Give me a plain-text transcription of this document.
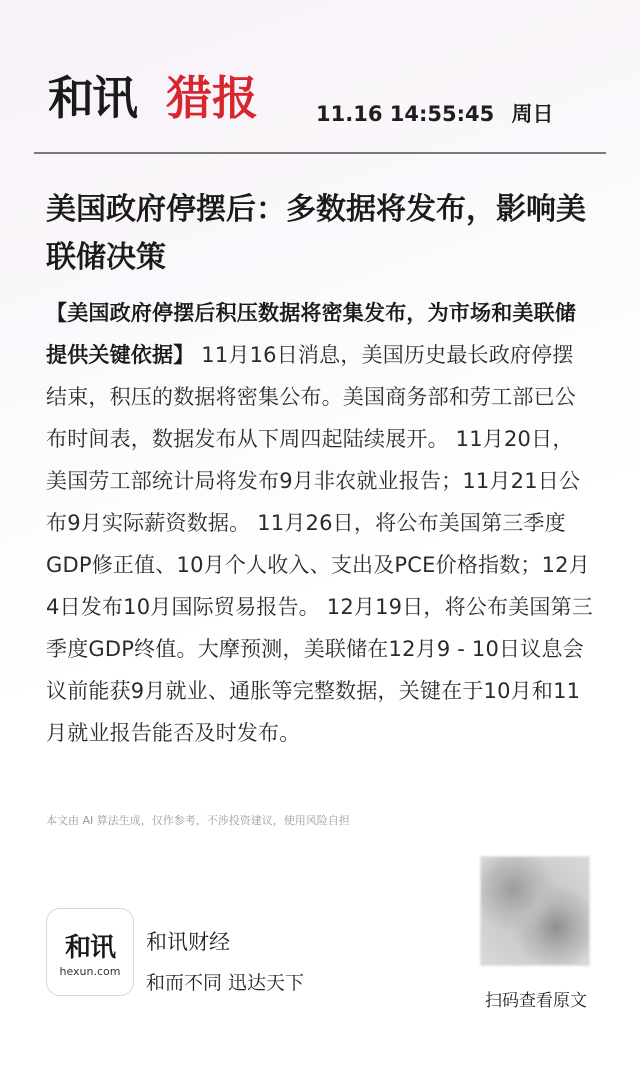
和讯 猎报	11.16 14:55:45 周日
美国政府停摆后：多数据将发布，影响美联储决策

【美国政府停摆后积压数据将密集发布，为市场和美联储提供关键依据】 11月16日消息，美国历史最长政府停摆结束，积压的数据将密集公布。美国商务部和劳工部已公布时间表，数据发布从下周四起陆续展开。 11月20日，美国劳工部统计局将发布9月非农就业报告；11月21日公布9月实际薪资数据。 11月26日，将公布美国第三季度GDP修正值、10月个人收入、支出及PCE价格指数；12月4日发布10月国际贸易报告。 12月19日，将公布美国第三季度GDP终值。大摩预测，美联储在12月9 - 10日议息会议前能获9月就业、通胀等完整数据，关键在于10月和11月就业报告能否及时发布。

本文由 AI 算法生成，仅作参考，不涉投资建议，使用风险自担
和讯
hexun.com
和讯财经
和而不同 迅达天下
扫码查看原文
